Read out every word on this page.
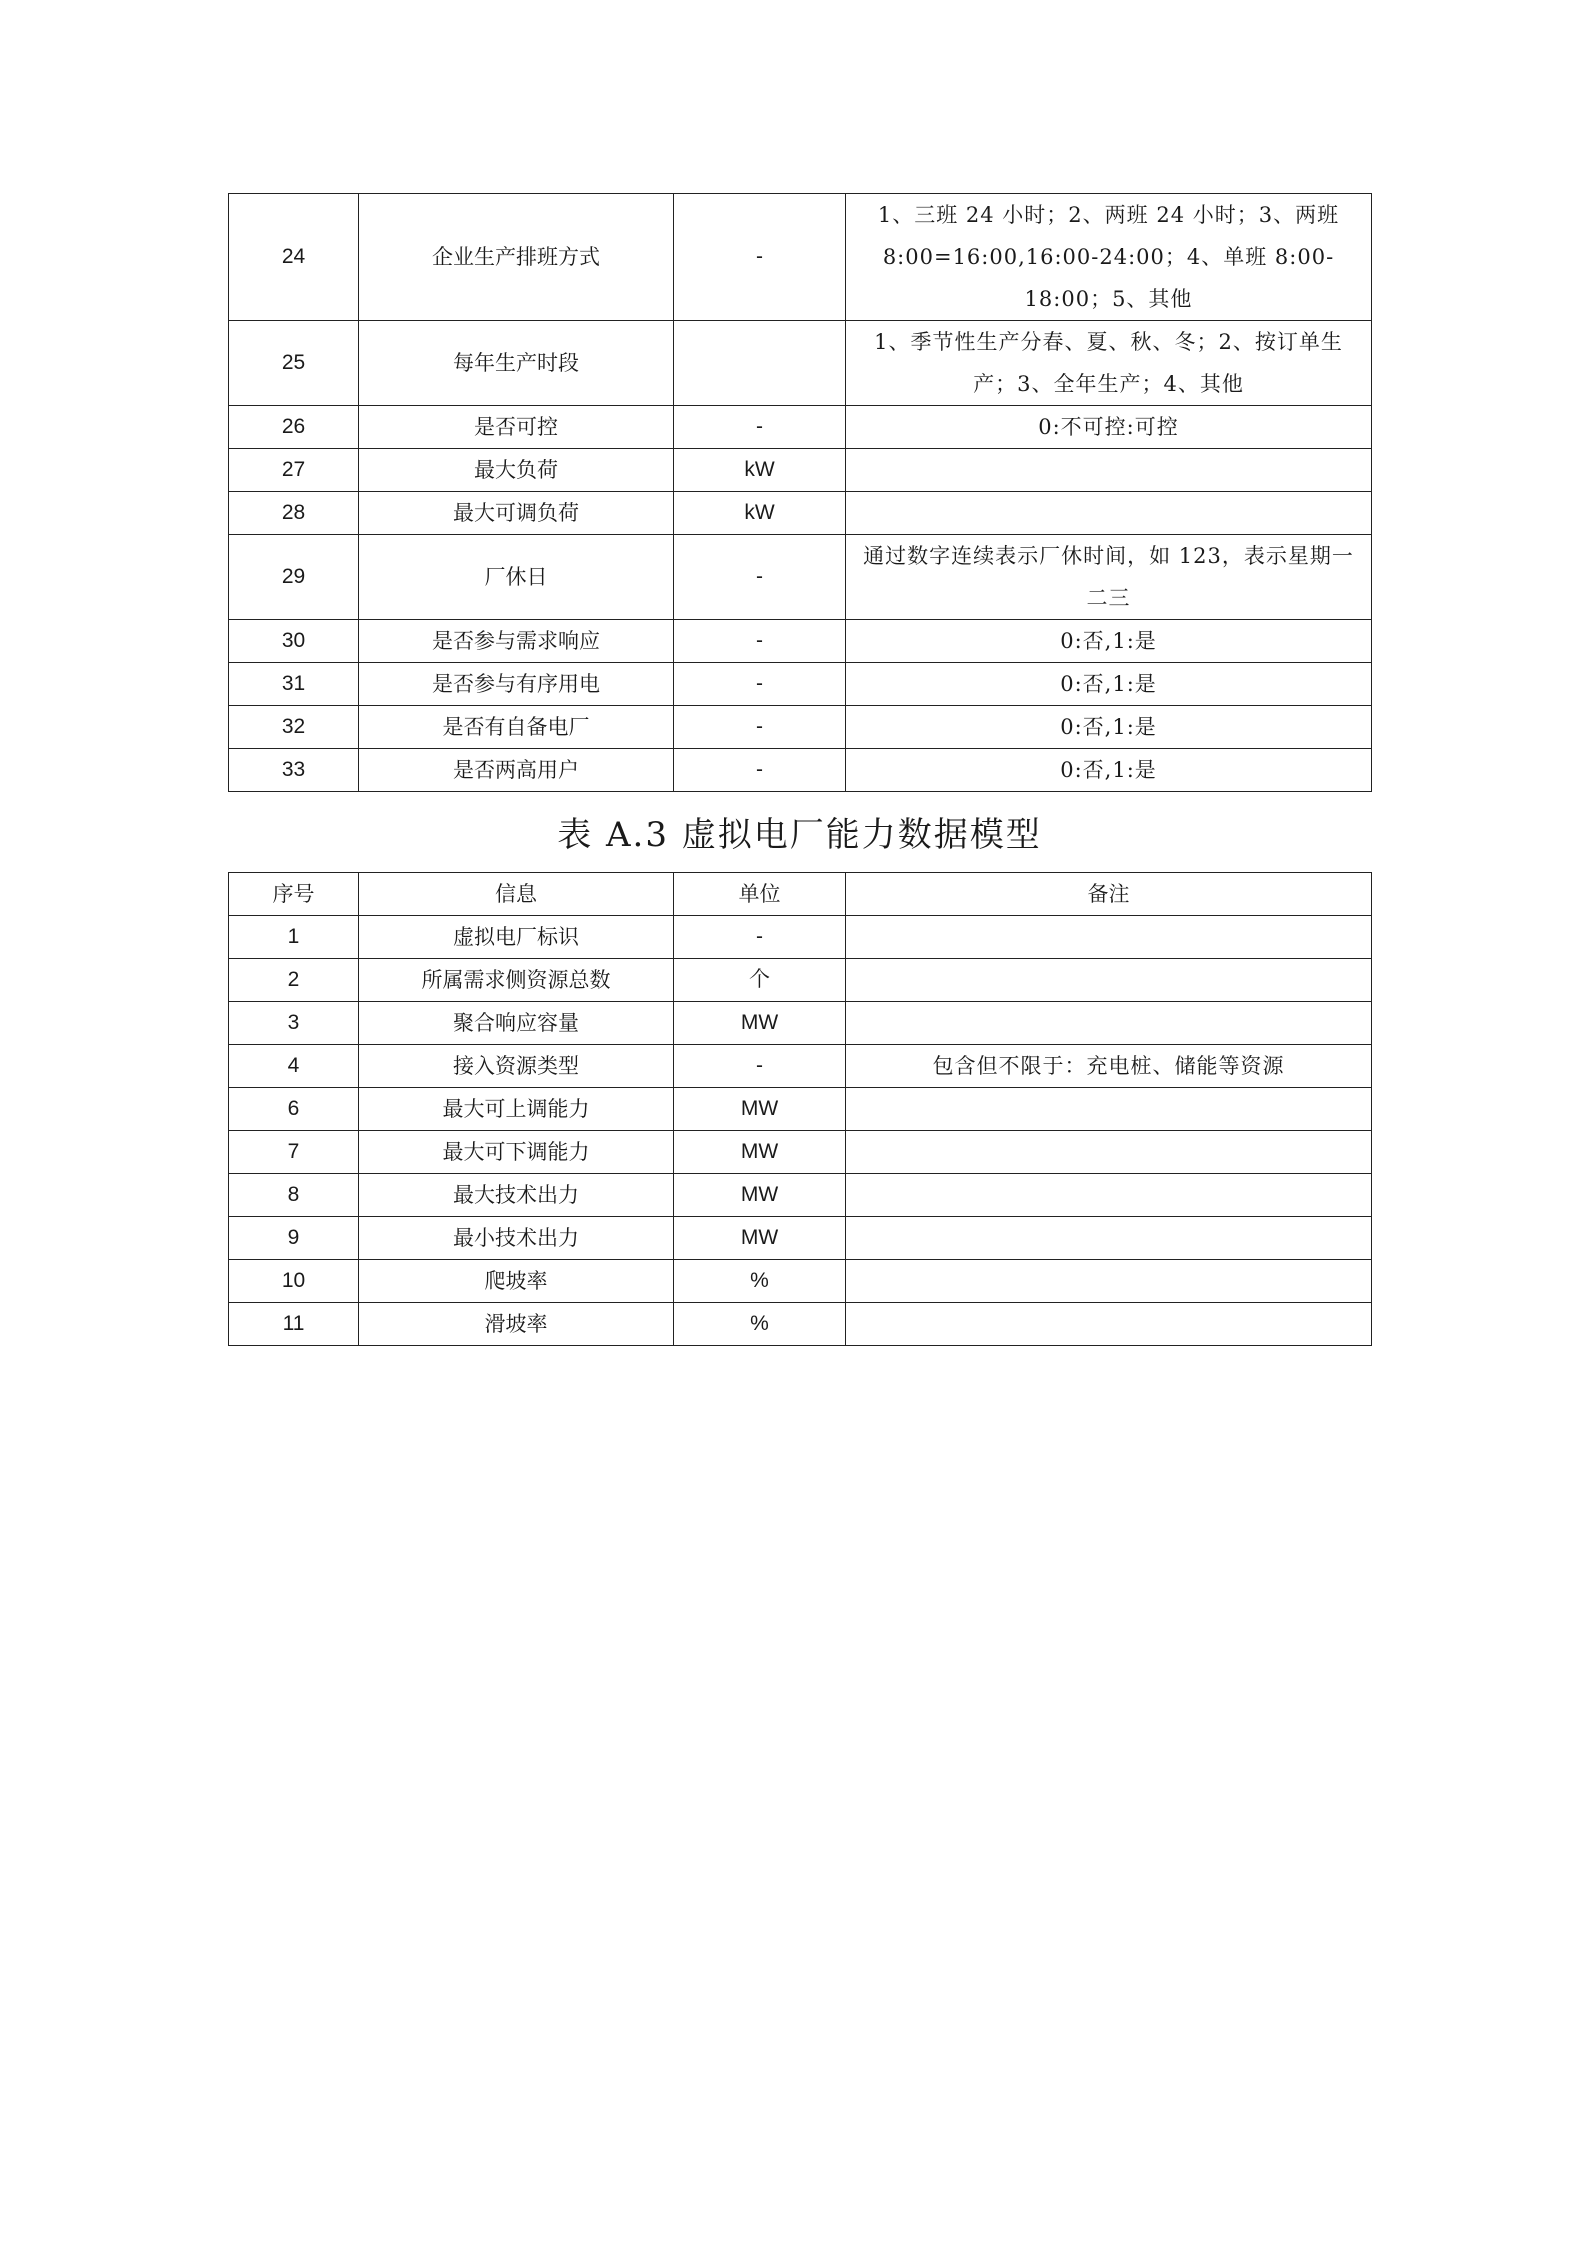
24	企业生产排班方式	-	1、三班 24 小时；2、两班 24 小时；3、两班 8:00=16:00,16:00-24:00；4、单班 8:00-18:00；5、其他
25	每年生产时段		1、季节性生产分春、夏、秋、冬；2、按订单生产；3、全年生产；4、其他
26	是否可控	-	0:不可控:可控
27	最大负荷	kW	
28	最大可调负荷	kW	
29	厂休日	-	通过数字连续表示厂休时间，如 123，表示星期一二三
30	是否参与需求响应	-	0:否,1:是
31	是否参与有序用电	-	0:否,1:是
32	是否有自备电厂	-	0:否,1:是
33	是否两高用户	-	0:否,1:是
表 A.3 虚拟电厂能力数据模型
序号	信息	单位	备注
1	虚拟电厂标识	-	
2	所属需求侧资源总数	个	
3	聚合响应容量	MW	
4	接入资源类型	-	包含但不限于：充电桩、储能等资源
6	最大可上调能力	MW	
7	最大可下调能力	MW	
8	最大技术出力	MW	
9	最小技术出力	MW	
10	爬坡率	%	
11	滑坡率	%	
